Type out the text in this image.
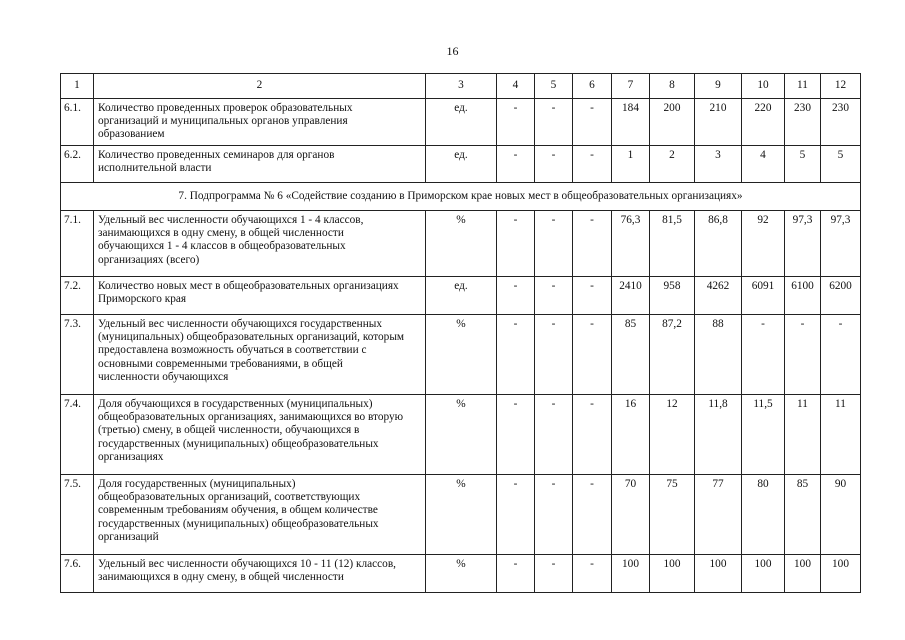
16
1	2	3	4	5	6	7	8	9	10	11	12
6.1.	Количество проведенных проверок образовательных
организаций и муниципальных органов управления
образованием	ед.	-	-	-	184	200	210	220	230	230
6.2.	Количество проведенных семинаров для органов
исполнительной власти	ед.	-	-	-	1	2	3	4	5	5
7. Подпрограмма № 6 «Содействие созданию в Приморском крае новых мест в общеобразовательных организациях»											
7.1.	Удельный вес численности обучающихся 1 - 4 классов,
занимающихся в одну смену, в общей численности
обучающихся 1 - 4 классов в общеобразовательных
организациях (всего)	%	-	-	-	76,3	81,5	86,8	92	97,3	97,3
7.2.	Количество новых мест в общеобразовательных организациях
Приморского края	ед.	-	-	-	2410	958	4262	6091	6100	6200
7.3.	Удельный вес численности обучающихся государственных
(муниципальных) общеобразовательных организаций, которым
предоставлена возможность обучаться в соответствии с
основными современными требованиями, в общей
численности обучающихся	%	-	-	-	85	87,2	88	-	-	-
7.4.	Доля обучающихся в государственных (муниципальных)
общеобразовательных организациях, занимающихся во вторую
(третью) смену, в общей численности, обучающихся в
государственных (муниципальных) общеобразовательных
организациях	%	-	-	-	16	12	11,8	11,5	11	11
7.5.	Доля государственных (муниципальных)
общеобразовательных организаций, соответствующих
современным требованиям обучения, в общем количестве
государственных (муниципальных) общеобразовательных
организаций	%	-	-	-	70	75	77	80	85	90
7.6.	Удельный вес численности обучающихся 10 - 11 (12) классов,
занимающихся в одну смену, в общей численности	%	-	-	-	100	100	100	100	100	100
